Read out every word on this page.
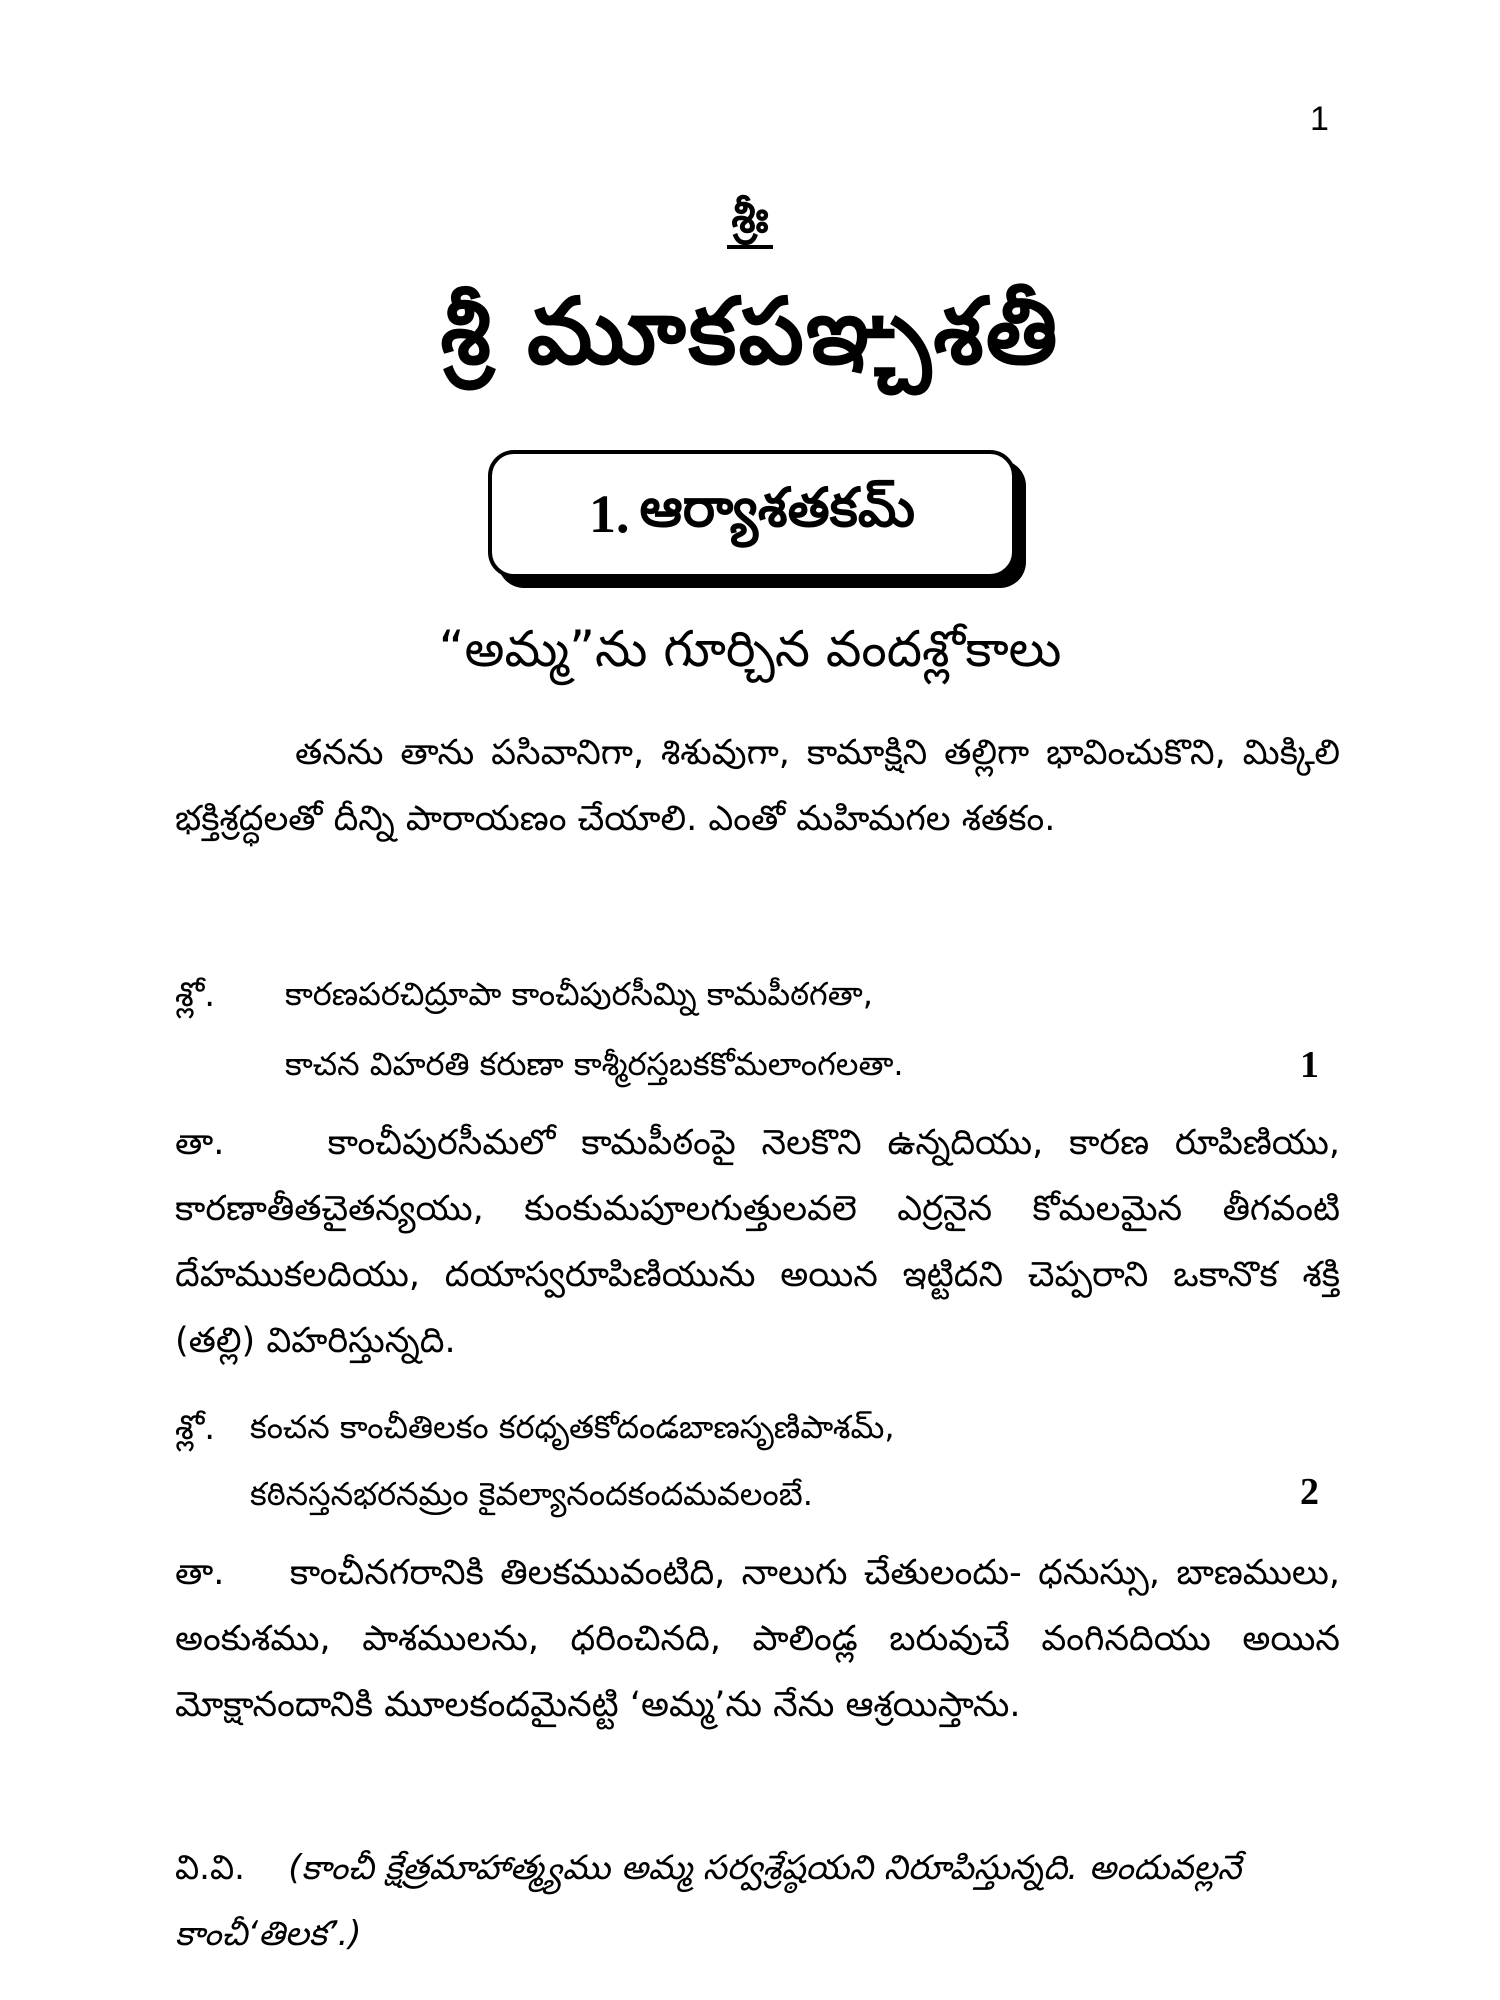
1
శ్రీః
శ్రీ మూకపఞ్చశతీ
1. ఆర్యాశతకమ్
“అమ్మ”ను గూర్చిన వందశ్లోకాలు
తనను తాను పసివానిగా, శిశువుగా, కామాక్షిని తల్లిగా భావించుకొని, మిక్కిలి భక్తిశ్రద్ధలతో దీన్ని పారాయణం చేయాలి. ఎంతో మహిమగల శతకం.
శ్లో. కారణపరచిద్రూపా కాంచీపురసీమ్ని కామపీఠగతా,
కాచన విహరతి కరుణా కాశ్మీరస్తబకకోమలాంగలతా.	1
తా.	కాంచీపురసీమలో కామపీఠంపై నెలకొని ఉన్నదియు, కారణ రూపిణియు, కారణాతీతచైతన్యయు, కుంకుమపూలగుత్తులవలె ఎర్రనైన కోమలమైన తీగవంటి దేహముకలదియు, దయాస్వరూపిణియును అయిన ఇట్టిదని చెప్పరాని ఒకానొక శక్తి (తల్లి) విహరిస్తున్నది.
శ్లో. కంచన కాంచీతిలకం కరధృతకోదండబాణసృణిపాశమ్,
కఠినస్తనభరనమ్రం కైవల్యానందకందమవలంబే.	2
తా. కాంచీనగరానికి తిలకమువంటిది, నాలుగు చేతులందు- ధనుస్సు, బాణములు, అంకుశము, పాశములను, ధరించినది, పాలిండ్ల బరువుచే వంగినదియు అయిన మోక్షానందానికి మూలకందమైనట్టి ‘అమ్మ’ను నేను ఆశ్రయిస్తాను.
వి.వి. (కాంచీ క్షేత్రమాహాత్మ్యము అమ్మ సర్వశ్రేష్ఠయని నిరూపిస్తున్నది. అందువల్లనే కాంచీ‘తిలక’.)
